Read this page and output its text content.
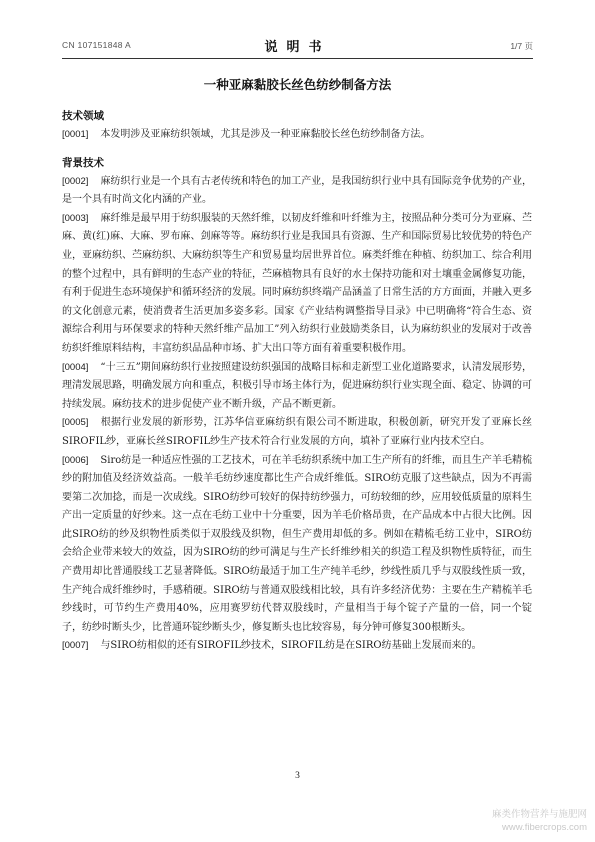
CN 107151848 A	说明书	1/7 页
一种亚麻黏胶长丝色纺纱制备方法
技术领域

[0001] 本发明涉及亚麻纺织领域，尤其是涉及一种亚麻黏胶长丝色纺纱制备方法。

背景技术

[0002] 麻纺织行业是一个具有古老传统和特色的加工产业，是我国纺织行业中具有国际竞争优势的产业，是一个具有时尚文化内涵的产业。

[0003] 麻纤维是最早用于纺织服装的天然纤维，以韧皮纤维和叶纤维为主，按照品种分类可分为亚麻、苎麻、黄(红)麻、大麻、罗布麻、剑麻等等。麻纺织行业是我国具有资源、生产和国际贸易比较优势的特色产业，亚麻纺织、苎麻纺织、大麻纺织等生产和贸易量均居世界首位。麻类纤维在种植、纺织加工、综合利用的整个过程中，具有鲜明的生态产业的特征，苎麻植物具有良好的水土保持功能和对土壤重金属修复功能，有利于促进生态环境保护和循环经济的发展。同时麻纺织终端产品涵盖了日常生活的方方面面，并融入更多的文化创意元素，使消费者生活更加多姿多彩。国家《产业结构调整指导目录》中已明确将“符合生态、资源综合利用与环保要求的特种天然纤维产品加工”列入纺织行业鼓励类条目，认为麻纺织业的发展对于改善纺织纤维原料结构，丰富纺织品品种市场、扩大出口等方面有着重要积极作用。

[0004] “十三五”期间麻纺织行业按照建设纺织强国的战略目标和走新型工业化道路要求，认清发展形势，理清发展思路，明确发展方向和重点，积极引导市场主体行为，促进麻纺织行业实现全面、稳定、协调的可持续发展。麻纺技术的进步促使产业不断升级，产品不断更新。

[0005] 根据行业发展的新形势，江苏华信亚麻纺织有限公司不断进取，积极创新，研究开发了亚麻长丝SIROFIL纱，亚麻长丝SIROFIL纱生产技术符合行业发展的方向，填补了亚麻行业内技术空白。

[0006] Siro纺是一种适应性强的工艺技术，可在羊毛纺织系统中加工生产所有的纤维，而且生产羊毛精梳纱的附加值及经济效益高。一般羊毛纺纱速度都比生产合成纤维低。SIRO纺克服了这些缺点，因为不再需要第二次加捻，而是一次成线。SIRO纺纱可较好的保持纺纱强力，可纺较细的纱，应用较低质量的原料生产出一定质量的好纱来。这一点在毛纺工业中十分重要，因为羊毛价格昂贵，在产品成本中占很大比例。因此SIRO纺的纱及织物性质类似于双股线及织物，但生产费用却低的多。例如在精梳毛纺工业中，SIRO纺会给企业带来较大的效益，因为SIRO纺的纱可满足与生产长纤维纱相关的织造工程及织物性质特征，而生产费用却比普通股线工艺显著降低。SIRO纺最适于加工生产纯羊毛纱，纱线性质几乎与双股线性质一致，生产纯合成纤维纱时，手感稍硬。SIRO纺与普通双股线相比较，具有许多经济优势：主要在生产精梳羊毛纱线时，可节约生产费用40%，应用赛罗纺代替双股线时，产量相当于每个锭子产量的一倍，同一个锭子，纺纱时断头少，比普通环锭纱断头少，修复断头也比较容易，每分钟可修复300根断头。

[0007] 与SIRO纺相似的还有SIROFIL纱技术，SIROFIL纺是在SIRO纺基础上发展而来的。

3
麻类作物营养与施肥网
www.fibercrops.com
